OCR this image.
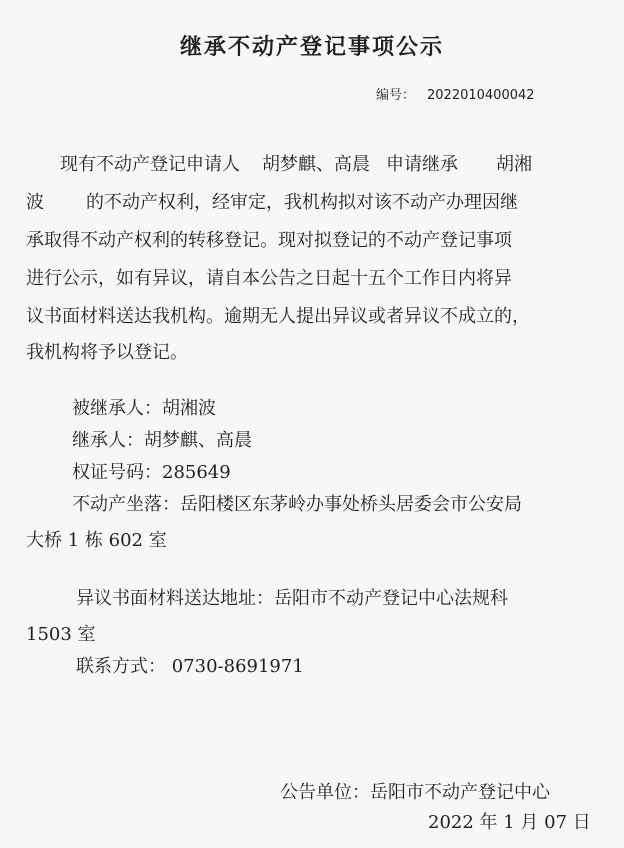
继承不动产登记事项公示
编号： 2022010400042
现有不动产登记申请人 胡梦麒、高晨 申请继承 胡湘
波 的不动产权利，经审定，我机构拟对该不动产办理因继
承取得不动产权利的转移登记。现对拟登记的不动产登记事项
进行公示，如有异议，请自本公告之日起十五个工作日内将异
议书面材料送达我机构。逾期无人提出异议或者异议不成立的，
我机构将予以登记。
被继承人：胡湘波
继承人：胡梦麒、高晨
权证号码：285649
不动产坐落：岳阳楼区东茅岭办事处桥头居委会市公安局
大桥 1 栋 602 室
异议书面材料送达地址：岳阳市不动产登记中心法规科
1503 室
联系方式： 0730-8691971
公告单位：岳阳市不动产登记中心
2022 年 1 月 07 日
